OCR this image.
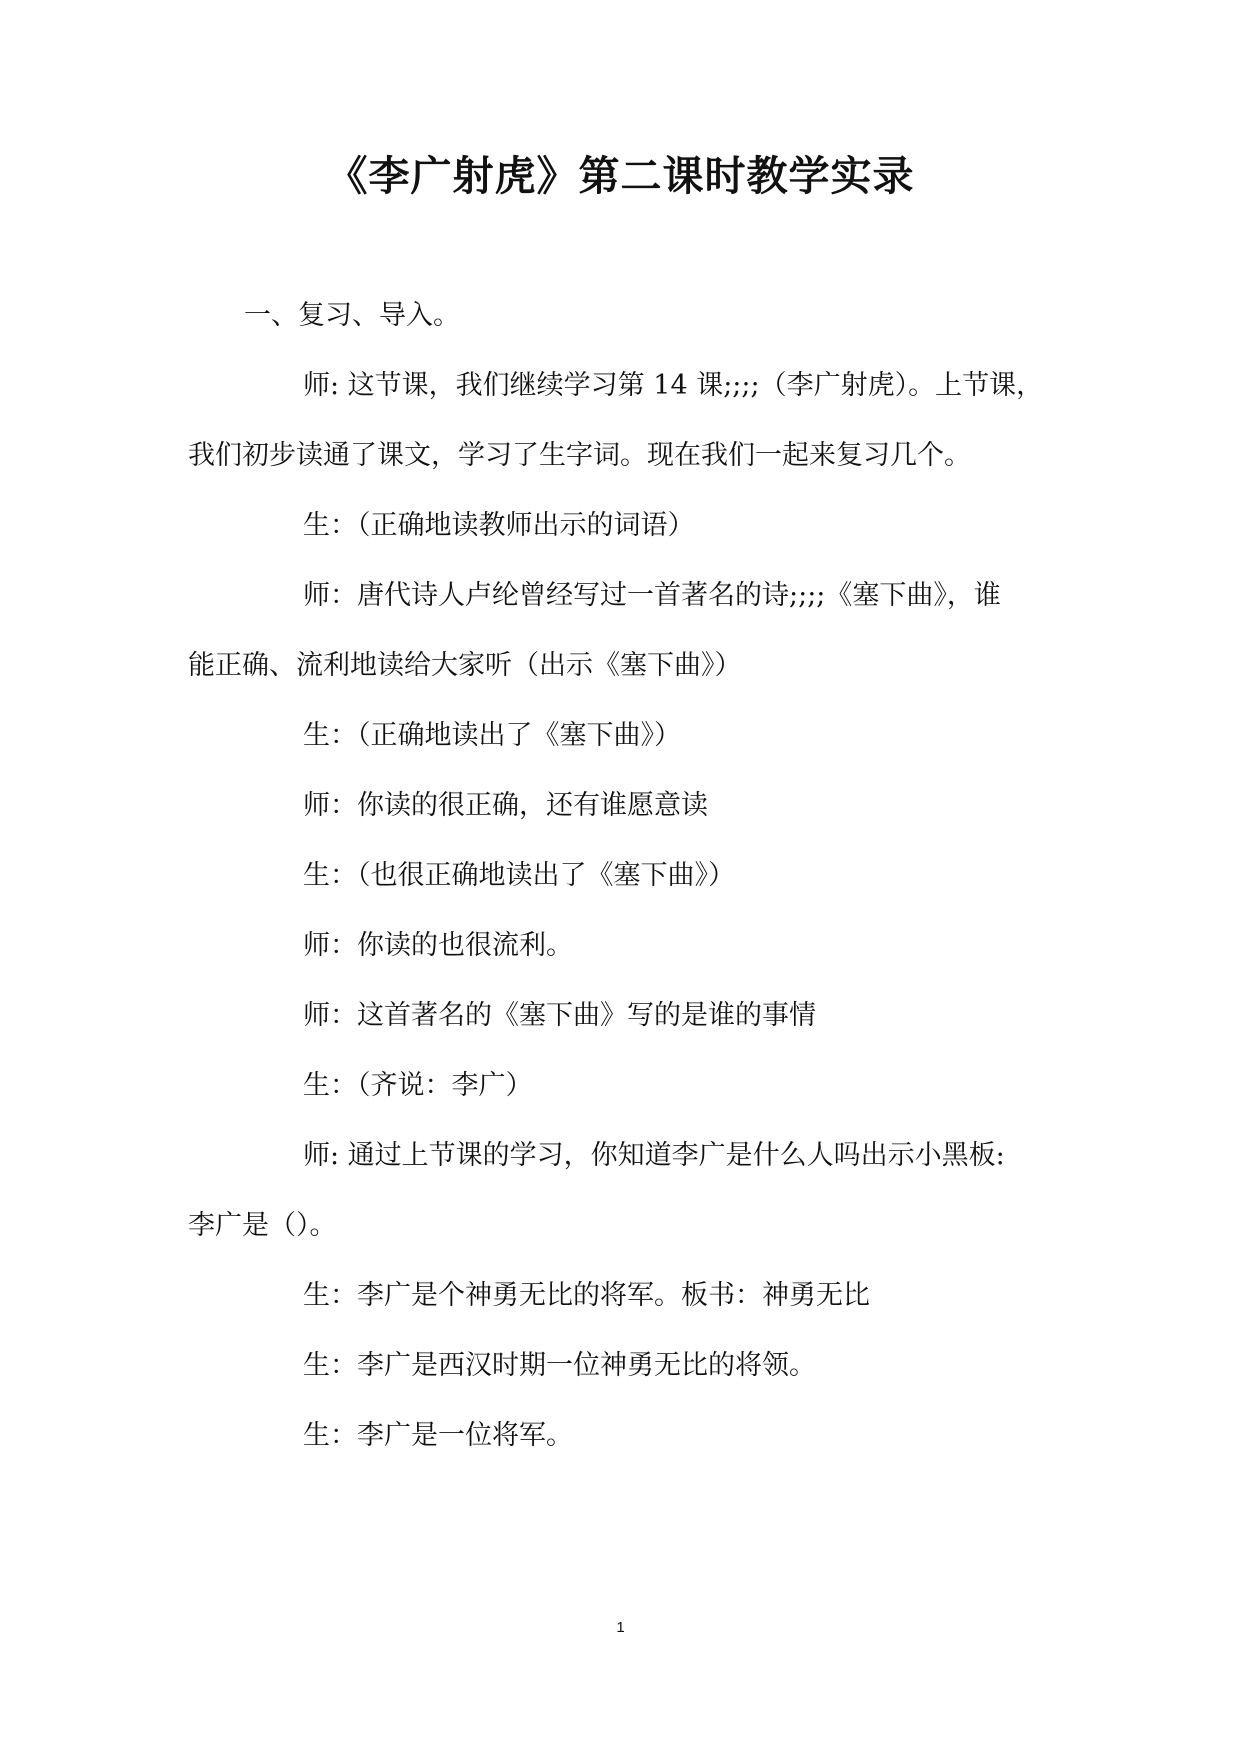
《李广射虎》第二课时教学实录
一、复习、导入。
师: 这节课，我们继续学习第 14 课;;;;（李广射虎）。上节课，
我们初步读通了课文，学习了生字词。现在我们一起来复习几个。
生：（正确地读教师出示的词语）
师：唐代诗人卢纶曾经写过一首著名的诗;;;;《塞下曲》，谁
能正确、流利地读给大家听（出示《塞下曲》）
生：（正确地读出了《塞下曲》）
师：你读的很正确，还有谁愿意读
生：（也很正确地读出了《塞下曲》）
师：你读的也很流利。
师：这首著名的《塞下曲》写的是谁的事情
生：（齐说：李广）
师: 通过上节课的学习，你知道李广是什么人吗出示小黑板:
李广是（）。
生：李广是个神勇无比的将军。板书：神勇无比
生：李广是西汉时期一位神勇无比的将领。
生：李广是一位将军。
1
